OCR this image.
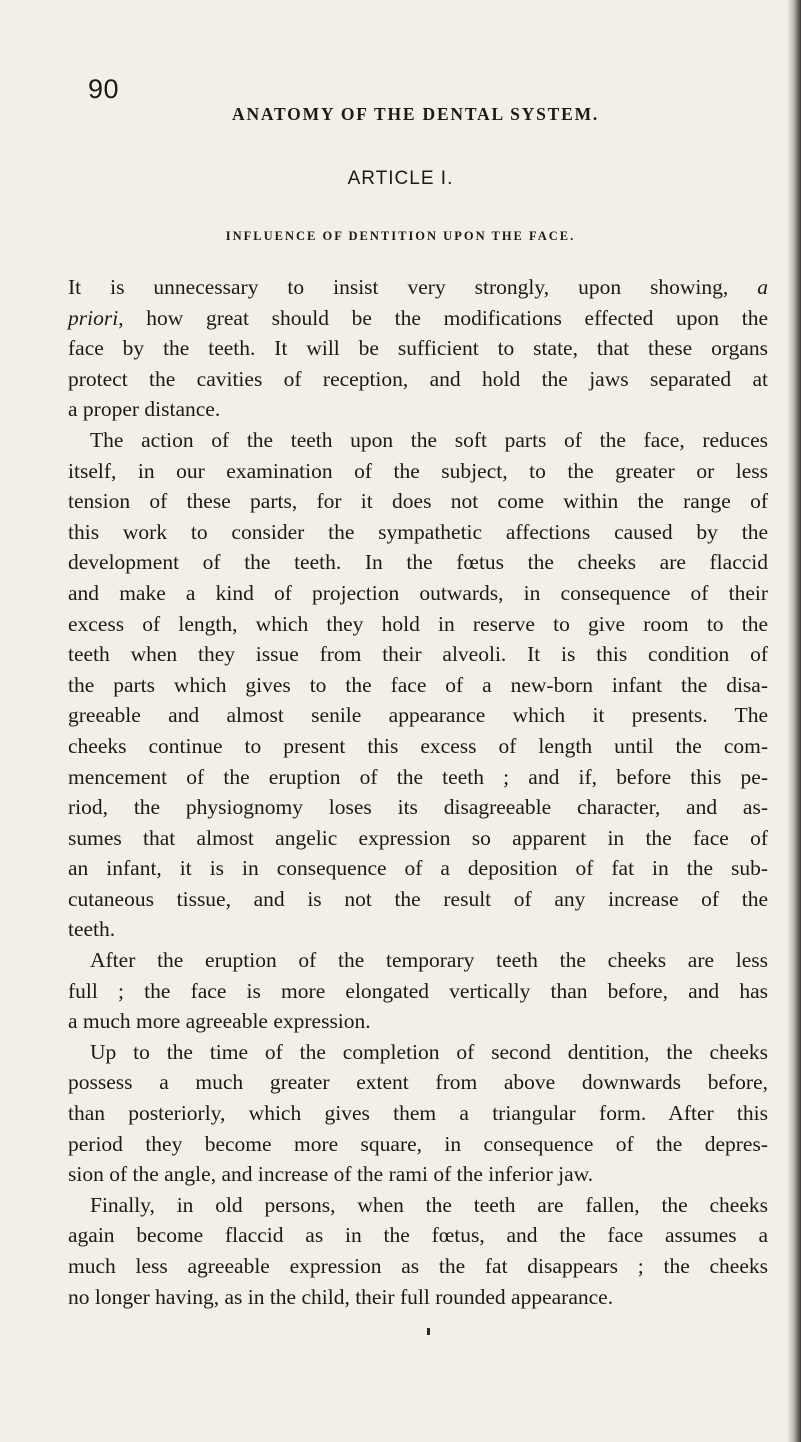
90
ANATOMY OF THE DENTAL SYSTEM.
ARTICLE I.
INFLUENCE OF DENTITION UPON THE FACE.
It is unnecessary to insist very strongly, upon showing, a
priori, how great should be the modifications effected upon the
face by the teeth. It will be sufficient to state, that these organs
protect the cavities of reception, and hold the jaws separated at
a proper distance.
The action of the teeth upon the soft parts of the face, reduces
itself, in our examination of the subject, to the greater or less
tension of these parts, for it does not come within the range of
this work to consider the sympathetic affections caused by the
development of the teeth. In the fœtus the cheeks are flaccid
and make a kind of projection outwards, in consequence of their
excess of length, which they hold in reserve to give room to the
teeth when they issue from their alveoli. It is this condition of
the parts which gives to the face of a new-born infant the disa-
greeable and almost senile appearance which it presents. The
cheeks continue to present this excess of length until the com-
mencement of the eruption of the teeth ; and if, before this pe-
riod, the physiognomy loses its disagreeable character, and as-
sumes that almost angelic expression so apparent in the face of
an infant, it is in consequence of a deposition of fat in the sub-
cutaneous tissue, and is not the result of any increase of the
teeth.
After the eruption of the temporary teeth the cheeks are less
full ; the face is more elongated vertically than before, and has
a much more agreeable expression.
Up to the time of the completion of second dentition, the cheeks
possess a much greater extent from above downwards before,
than posteriorly, which gives them a triangular form. After this
period they become more square, in consequence of the depres-
sion of the angle, and increase of the rami of the inferior jaw.
Finally, in old persons, when the teeth are fallen, the cheeks
again become flaccid as in the fœtus, and the face assumes a
much less agreeable expression as the fat disappears ; the cheeks
no longer having, as in the child, their full rounded appearance.
